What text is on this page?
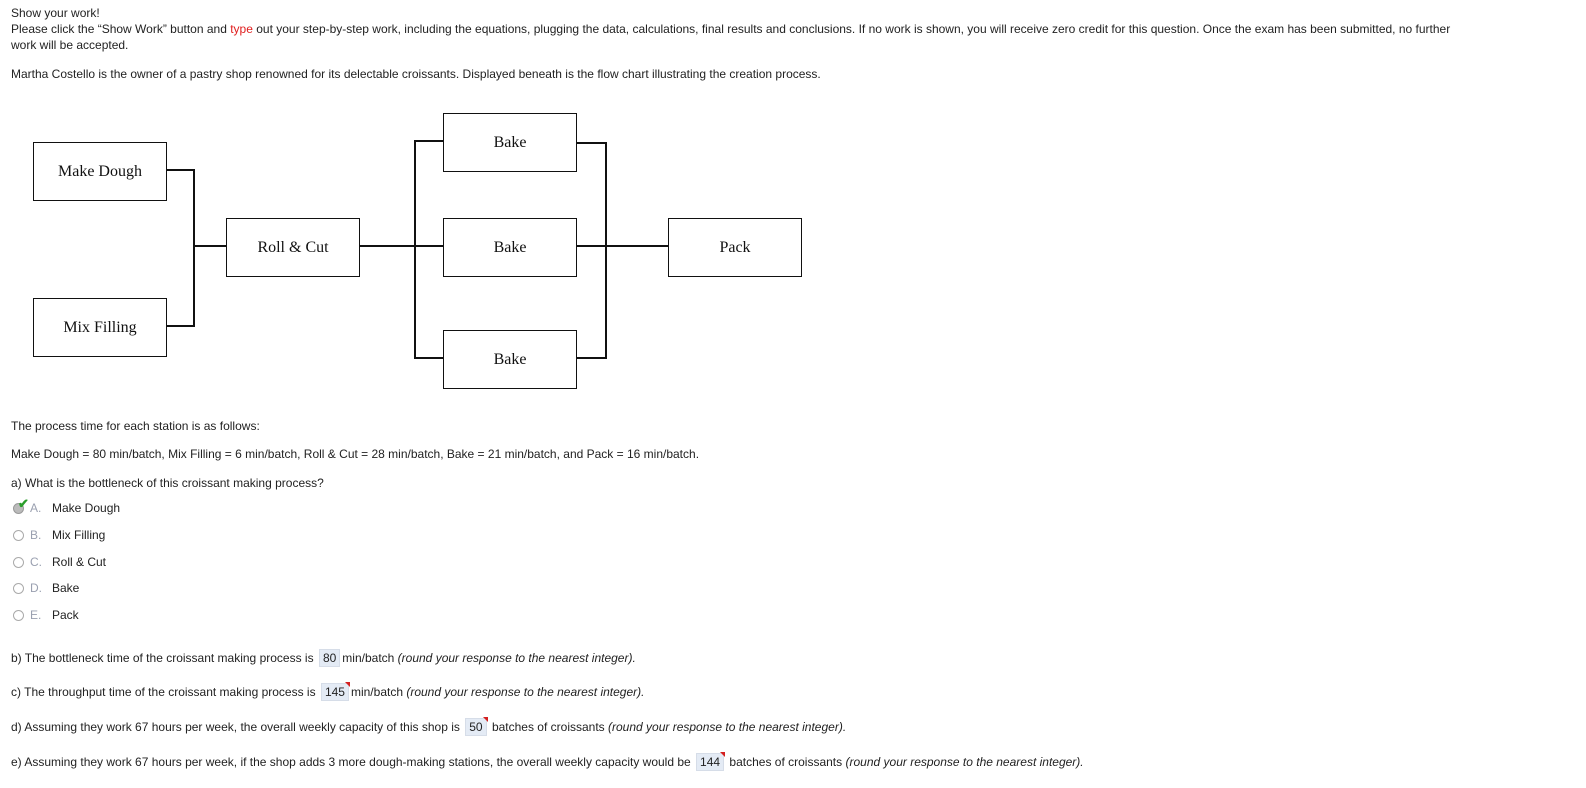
Show your work!
Please click the “Show Work” button and type out your step-by-step work, including the equations, plugging the data, calculations, final results and conclusions. If no work is shown, you will receive zero credit for this question. Once the exam has been submitted, no further
work will be accepted.
Martha Costello is the owner of a pastry shop renowned for its delectable croissants. Displayed beneath is the flow chart illustrating the creation process.
Make Dough
Mix Filling
Roll & Cut
Bake
Bake
Bake
Pack
The process time for each station is as follows:
Make Dough = 80 min/batch, Mix Filling = 6 min/batch, Roll & Cut = 28 min/batch, Bake = 21 min/batch, and Pack = 16 min/batch.
a) What is the bottleneck of this croissant making process?
✔ A. Make Dough
B. Mix Filling
C. Roll & Cut
D. Bake
E. Pack
b) The bottleneck time of the croissant making process is 80 min/batch (round your response to the nearest integer).
c) The throughput time of the croissant making process is 145 min/batch (round your response to the nearest integer).
d) Assuming they work 67 hours per week, the overall weekly capacity of this shop is 50 batches of croissants (round your response to the nearest integer).
e) Assuming they work 67 hours per week, if the shop adds 3 more dough-making stations, the overall weekly capacity would be 144 batches of croissants (round your response to the nearest integer).
